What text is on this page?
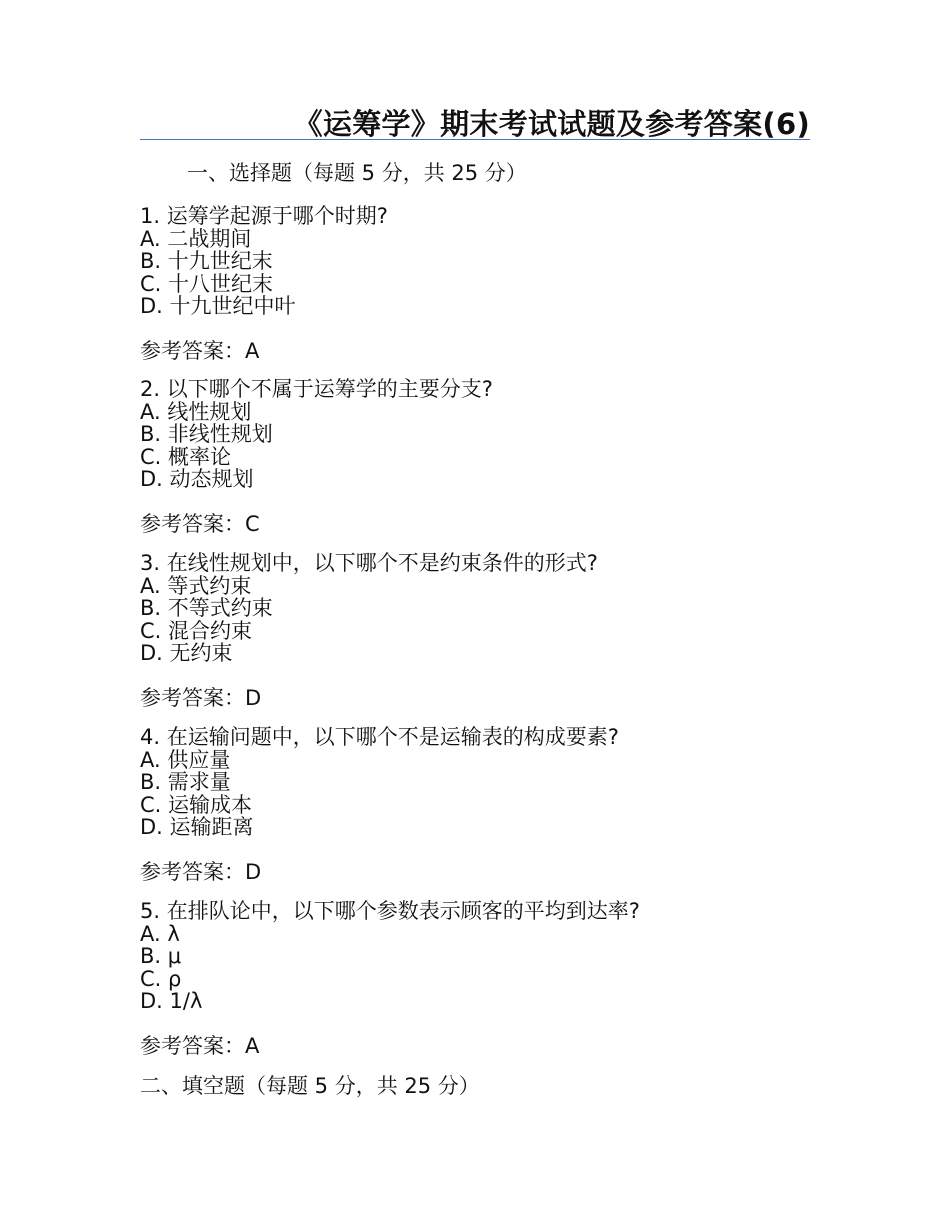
《运筹学》期末考试试题及参考答案(6)
一、选择题（每题 5 分，共 25 分）
1. 运筹学起源于哪个时期?
A. 二战期间
B. 十九世纪末
C. 十八世纪末
D. 十九世纪中叶
参考答案：A
2. 以下哪个不属于运筹学的主要分支?
A. 线性规划
B. 非线性规划
C. 概率论
D. 动态规划
参考答案：C
3. 在线性规划中，以下哪个不是约束条件的形式?
A. 等式约束
B. 不等式约束
C. 混合约束
D. 无约束
参考答案：D
4. 在运输问题中，以下哪个不是运输表的构成要素?
A. 供应量
B. 需求量
C. 运输成本
D. 运输距离
参考答案：D
5. 在排队论中，以下哪个参数表示顾客的平均到达率?
A. λ
B. μ
C. ρ
D. 1/λ
参考答案：A
二、填空题（每题 5 分，共 25 分）
